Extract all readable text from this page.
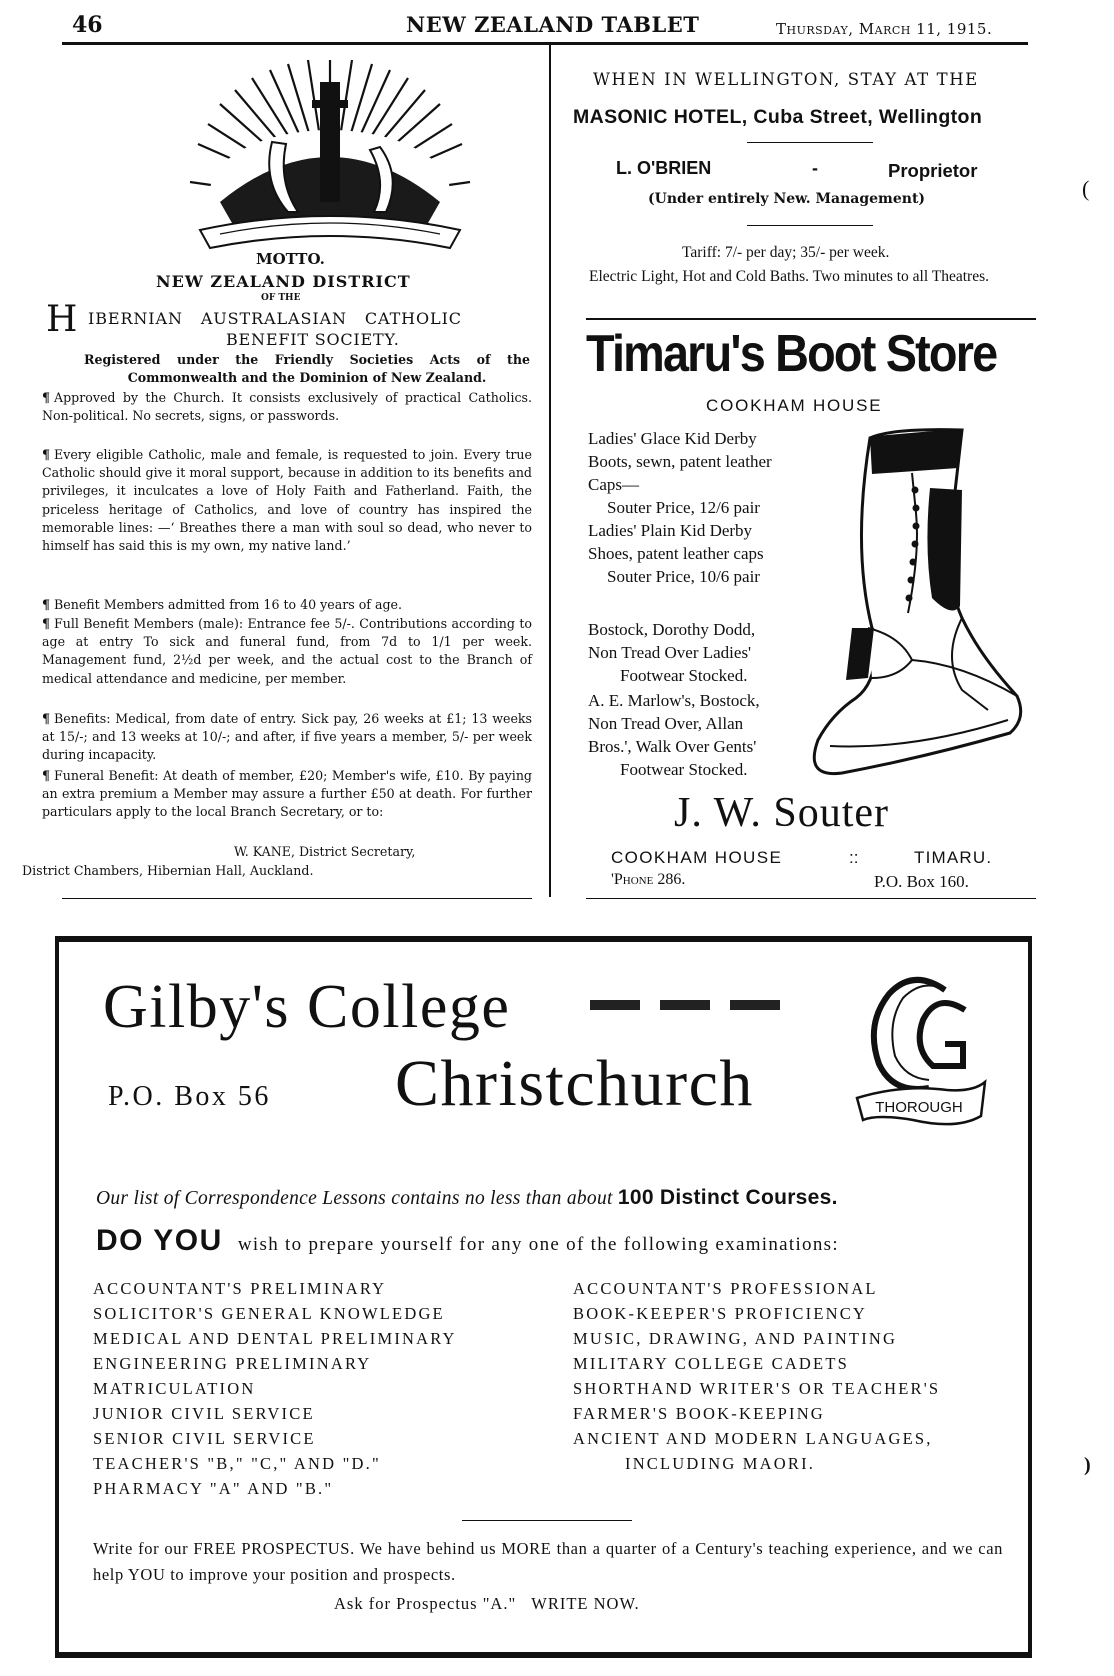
46	NEW ZEALAND TABLET	Thursday, March 11, 1915.
MOTTO.
NEW ZEALAND DISTRICT
OF THE
H IBERNIAN   AUSTRALASIAN   CATHOLIC
BENEFIT SOCIETY.
Registered under the Friendly Societies Acts of the Commonwealth and the Dominion of New Zealand.
¶ Approved by the Church. It consists exclusively of practical Catholics. Non-political. No secrets, signs, or passwords.
¶ Every eligible Catholic, male and female, is requested to join. Every true Catholic should give it moral support, because in addition to its benefits and privileges, it inculcates a love of Holy Faith and Fatherland. Faith, the priceless heritage of Catholics, and love of country has inspired the memorable lines: —‘ Breathes there a man with soul so dead, who never to himself has said this is my own, my native land.’
¶ Benefit Members admitted from 16 to 40 years of age.
¶ Full Benefit Members (male): Entrance fee 5/-. Contributions according to age at entry To sick and funeral fund, from 7d to 1/1 per week. Management fund, 2½d per week, and the actual cost to the Branch of medical attendance and medicine, per member.
¶ Benefits: Medical, from date of entry. Sick pay, 26 weeks at £1; 13 weeks at 15/-; and 13 weeks at 10/-; and after, if five years a member, 5/- per week during incapacity.
¶ Funeral Benefit: At death of member, £20; Member's wife, £10. By paying an extra premium a Member may assure a further £50 at death. For further particulars apply to the local Branch Secretary, or to:
W. KANE, District Secretary,
District Chambers, Hibernian Hall, Auckland.
WHEN IN WELLINGTON, STAY AT THE
MASONIC HOTEL, Cuba Street, Wellington
L. O'BRIEN	-	Proprietor
(Under entirely New. Management)
Tariff: 7/- per day; 35/- per week.
Electric Light, Hot and Cold Baths. Two minutes to all Theatres.
(
Timaru's Boot Store
COOKHAM HOUSE
Ladies' Glace Kid Derby
Boots, sewn, patent leather
Caps—
Souter Price, 12/6 pair
Ladies' Plain Kid Derby
Shoes, patent leather caps
Souter Price, 10/6 pair
Bostock, Dorothy Dodd,
Non Tread Over Ladies'
Footwear Stocked.
A. E. Marlow's, Bostock,
Non Tread Over, Allan
Bros.', Walk Over Gents'
Footwear Stocked.
J. W. Souter
COOKHAM HOUSE	::	TIMARU.
'Phone 286.	P.O. Box 160.
Gilby's College
P.O. Box 56 Christchurch	THOROUGH
Our list of Correspondence Lessons contains no less than about 100 Distinct Courses.
DO YOU wish to prepare yourself for any one of the following examinations:
ACCOUNTANT'S PRELIMINARY
SOLICITOR'S GENERAL KNOWLEDGE
MEDICAL AND DENTAL PRELIMINARY
ENGINEERING PRELIMINARY
MATRICULATION
JUNIOR CIVIL SERVICE
SENIOR CIVIL SERVICE
TEACHER'S "B," "C," AND "D."
PHARMACY "A" AND "B."
ACCOUNTANT'S PROFESSIONAL
BOOK-KEEPER'S PROFICIENCY
MUSIC, DRAWING, AND PAINTING
MILITARY COLLEGE CADETS
SHORTHAND WRITER'S OR TEACHER'S
FARMER'S BOOK-KEEPING
ANCIENT AND MODERN LANGUAGES,
INCLUDING MAORI.
Write for our FREE PROSPECTUS. We have behind us MORE than a quarter of a Century's teaching experience, and we can help YOU to improve your position and prospects.
Ask for Prospectus "A."   WRITE NOW.
)
